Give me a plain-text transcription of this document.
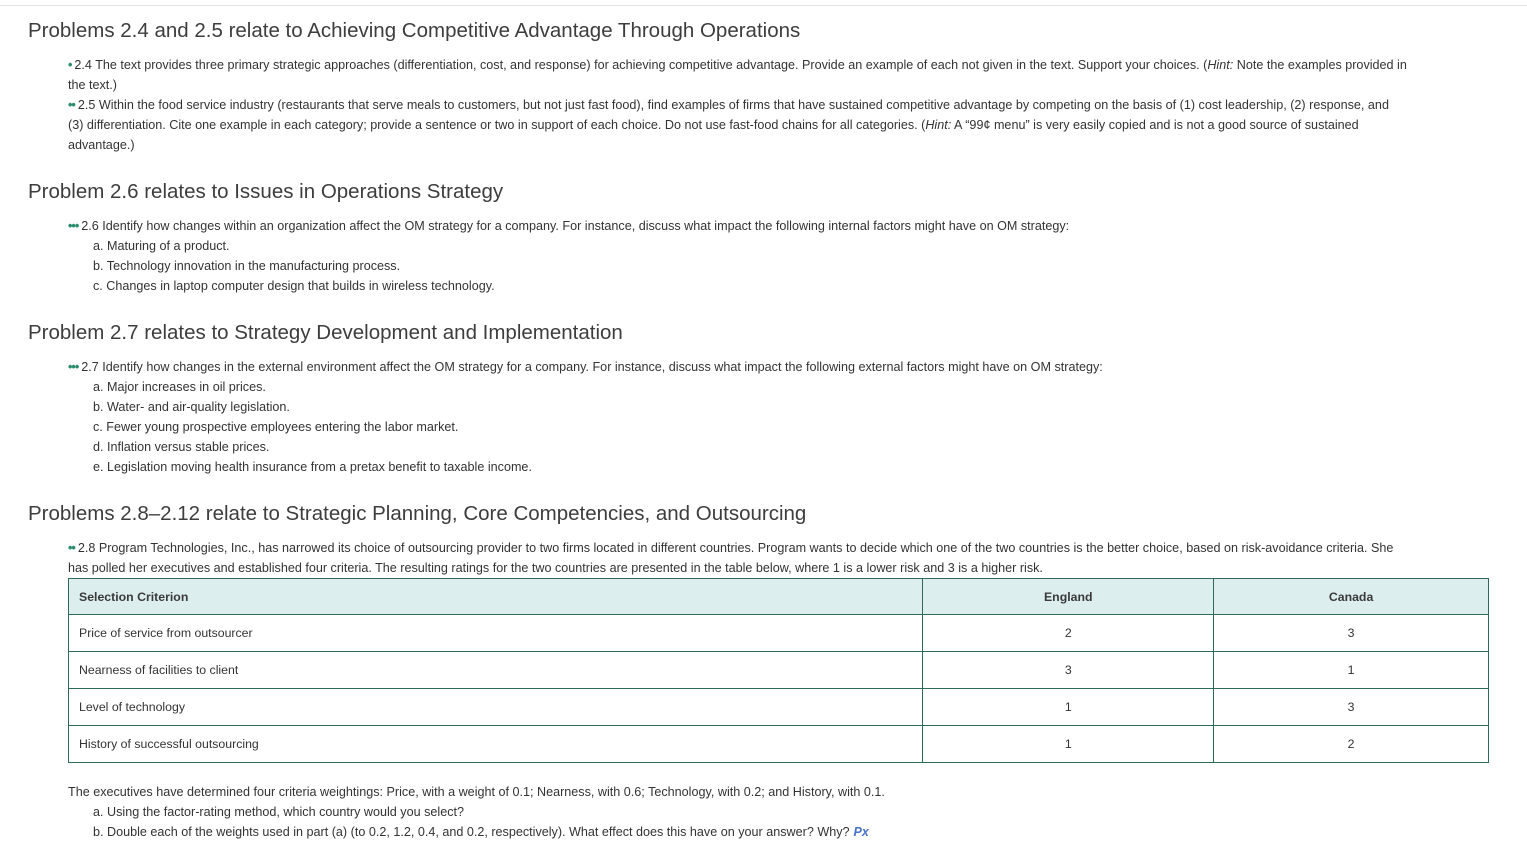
Problems 2.4 and 2.5 relate to Achieving Competitive Advantage Through Operations
• 2.4 The text provides three primary strategic approaches (differentiation, cost, and response) for achieving competitive advantage. Provide an example of each not given in the text. Support your choices. (Hint: Note the examples provided in
the text.)
•• 2.5 Within the food service industry (restaurants that serve meals to customers, but not just fast food), find examples of firms that have sustained competitive advantage by competing on the basis of (1) cost leadership, (2) response, and
(3) differentiation. Cite one example in each category; provide a sentence or two in support of each choice. Do not use fast-food chains for all categories. (Hint: A “99¢ menu” is very easily copied and is not a good source of sustained
advantage.)
Problem 2.6 relates to Issues in Operations Strategy
••• 2.6 Identify how changes within an organization affect the OM strategy for a company. For instance, discuss what impact the following internal factors might have on OM strategy:
a. Maturing of a product.
b. Technology innovation in the manufacturing process.
c. Changes in laptop computer design that builds in wireless technology.
Problem 2.7 relates to Strategy Development and Implementation
••• 2.7 Identify how changes in the external environment affect the OM strategy for a company. For instance, discuss what impact the following external factors might have on OM strategy:
a. Major increases in oil prices.
b. Water- and air-quality legislation.
c. Fewer young prospective employees entering the labor market.
d. Inflation versus stable prices.
e. Legislation moving health insurance from a pretax benefit to taxable income.
Problems 2.8–2.12 relate to Strategic Planning, Core Competencies, and Outsourcing
•• 2.8 Program Technologies, Inc., has narrowed its choice of outsourcing provider to two firms located in different countries. Program wants to decide which one of the two countries is the better choice, based on risk-avoidance criteria. She
has polled her executives and established four criteria. The resulting ratings for the two countries are presented in the table below, where 1 is a lower risk and 3 is a higher risk.
Selection Criterion	England	Canada
Price of service from outsourcer	2	3
Nearness of facilities to client	3	1
Level of technology	1	3
History of successful outsourcing	1	2
The executives have determined four criteria weightings: Price, with a weight of 0.1; Nearness, with 0.6; Technology, with 0.2; and History, with 0.1.
a. Using the factor-rating method, which country would you select?
b. Double each of the weights used in part (a) (to 0.2, 1.2, 0.4, and 0.2, respectively). What effect does this have on your answer? Why? Px
